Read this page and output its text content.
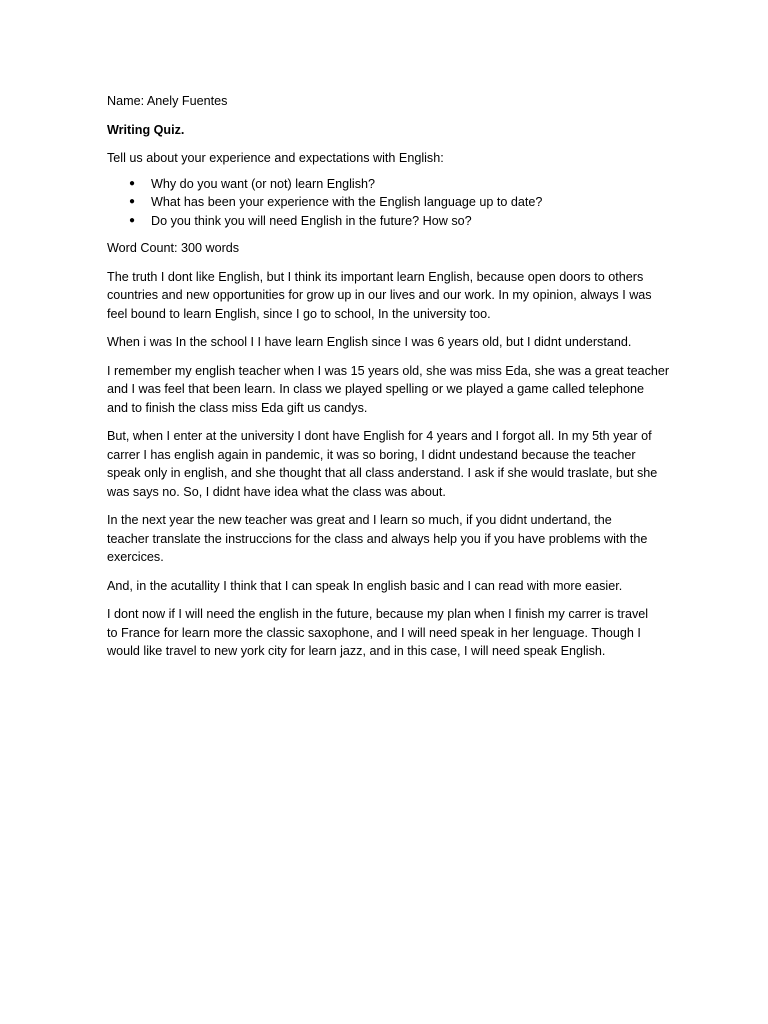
Name: Anely Fuentes
Writing Quiz.
Tell us about your experience and expectations with English:
● Why do you want (or not) learn English?
● What has been your experience with the English language up to date?
● Do you think you will need English in the future? How so?
Word Count: 300 words
The truth I dont like English, but I think its important learn English, because open doors to others
countries and new opportunities for grow up in our lives and our work. In my opinion, always I was
feel bound to learn English, since I go to school, In the university too.
When i was In the school I I have learn English since I was 6 years old, but I didnt understand.
I remember my english teacher when I was 15 years old, she was miss Eda, she was a great teacher
and I was feel that been learn. In class we played spelling or we played a game called telephone
and to finish the class miss Eda gift us candys.
But, when I enter at the university I dont have English for 4 years and I forgot all. In my 5th year of
carrer I has english again in pandemic, it was so boring, I didnt undestand because the teacher
speak only in english, and she thought that all class anderstand. I ask if she would traslate, but she
was says no. So, I didnt have idea what the class was about.
In the next year the new teacher was great and I learn so much, if you didnt undertand, the
teacher translate the instruccions for the class and always help you if you have problems with the
exercices.
And, in the acutallity I think that I can speak In english basic and I can read with more easier.
I dont now if I will need the english in the future, because my plan when I finish my carrer is travel
to France for learn more the classic saxophone, and I will need speak in her lenguage. Though I
would like travel to new york city for learn jazz, and in this case, I will need speak English.
